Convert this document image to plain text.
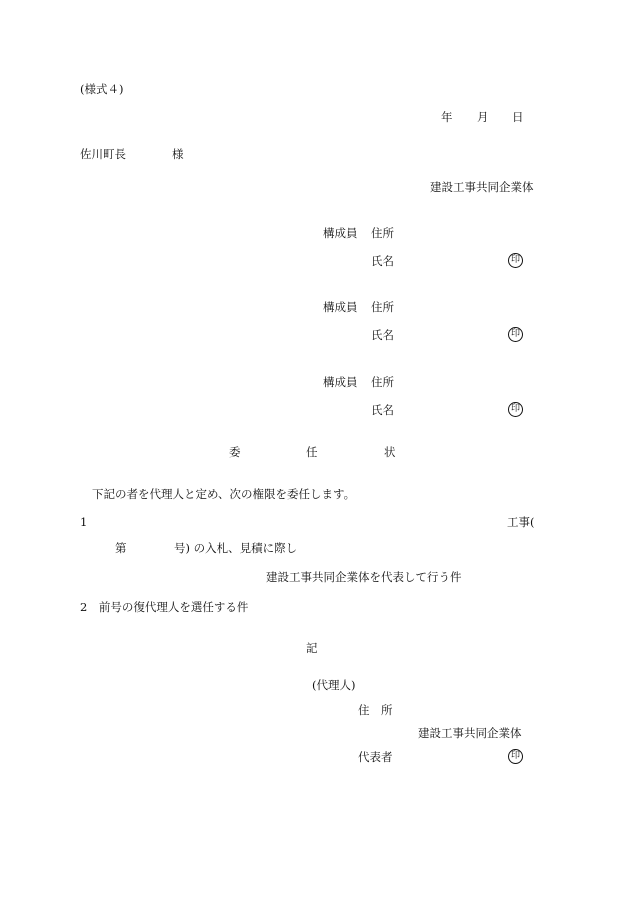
(様式４)
年 月 日
佐川町長	様
建設工事共同企業体
構成員 住所
氏名	印
構成員 住所
氏名	印
構成員 住所
氏名	印
委	任	状
下記の者を代理人と定め、次の権限を委任します。
1	工事(
第	号) の入札、見積に際し
建設工事共同企業体を代表して行う件
2　前号の復代理人を選任する件
記
(代理人)
住　所
建設工事共同企業体
代表者	印
